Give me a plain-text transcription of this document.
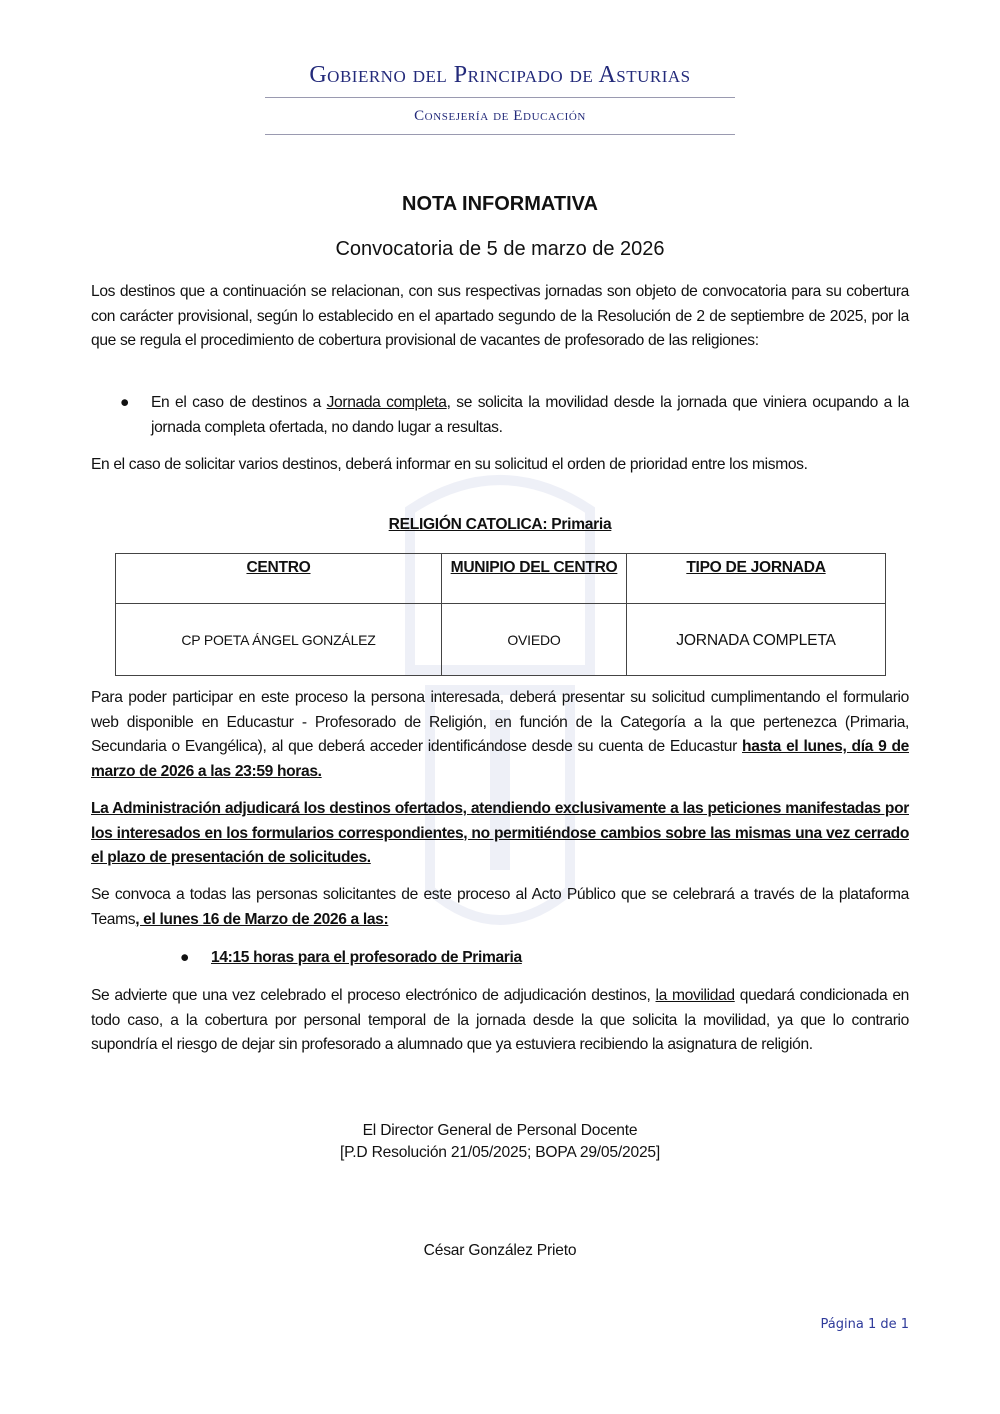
Gobierno del Principado de Asturias
Consejería de Educación
NOTA INFORMATIVA
Convocatoria de 5 de marzo de 2026
Los destinos que a continuación se relacionan, con sus respectivas jornadas son objeto de convocatoria para su cobertura con carácter provisional, según lo establecido en el apartado segundo de la Resolución de 2 de septiembre de 2025, por la que se regula el procedimiento de cobertura provisional de vacantes de profesorado de las religiones:
● En el caso de destinos a Jornada completa, se solicita la movilidad desde la jornada que viniera ocupando a la jornada completa ofertada, no dando lugar a resultas.
En el caso de solicitar varios destinos, deberá informar en su solicitud el orden de prioridad entre los mismos.
RELIGIÓN CATOLICA: Primaria
CENTRO	MUNIPIO DEL CENTRO	TIPO DE JORNADA
CP POETA ÁNGEL GONZÁLEZ	OVIEDO	JORNADA COMPLETA
Para poder participar en este proceso la persona interesada, deberá presentar su solicitud cumplimentando el formulario web disponible en Educastur - Profesorado de Religión, en función de la Categoría a la que pertenezca (Primaria, Secundaria o Evangélica), al que deberá acceder identificándose desde su cuenta de Educastur hasta el lunes, día 9 de marzo de 2026 a las 23:59 horas.
La Administración adjudicará los destinos ofertados, atendiendo exclusivamente a las peticiones manifestadas por los interesados en los formularios correspondientes, no permitiéndose cambios sobre las mismas una vez cerrado el plazo de presentación de solicitudes.
Se convoca a todas las personas solicitantes de este proceso al Acto Público que se celebrará a través de la plataforma Teams, el lunes 16 de Marzo de 2026 a las:
● 14:15 horas para el profesorado de Primaria
Se advierte que una vez celebrado el proceso electrónico de adjudicación destinos, la movilidad quedará condicionada en todo caso, a la cobertura por personal temporal de la jornada desde la que solicita la movilidad, ya que lo contrario supondría el riesgo de dejar sin profesorado a alumnado que ya estuviera recibiendo la asignatura de religión.
El Director General de Personal Docente
[P.D Resolución 21/05/2025; BOPA 29/05/2025]
César González Prieto
Página 1 de 1
